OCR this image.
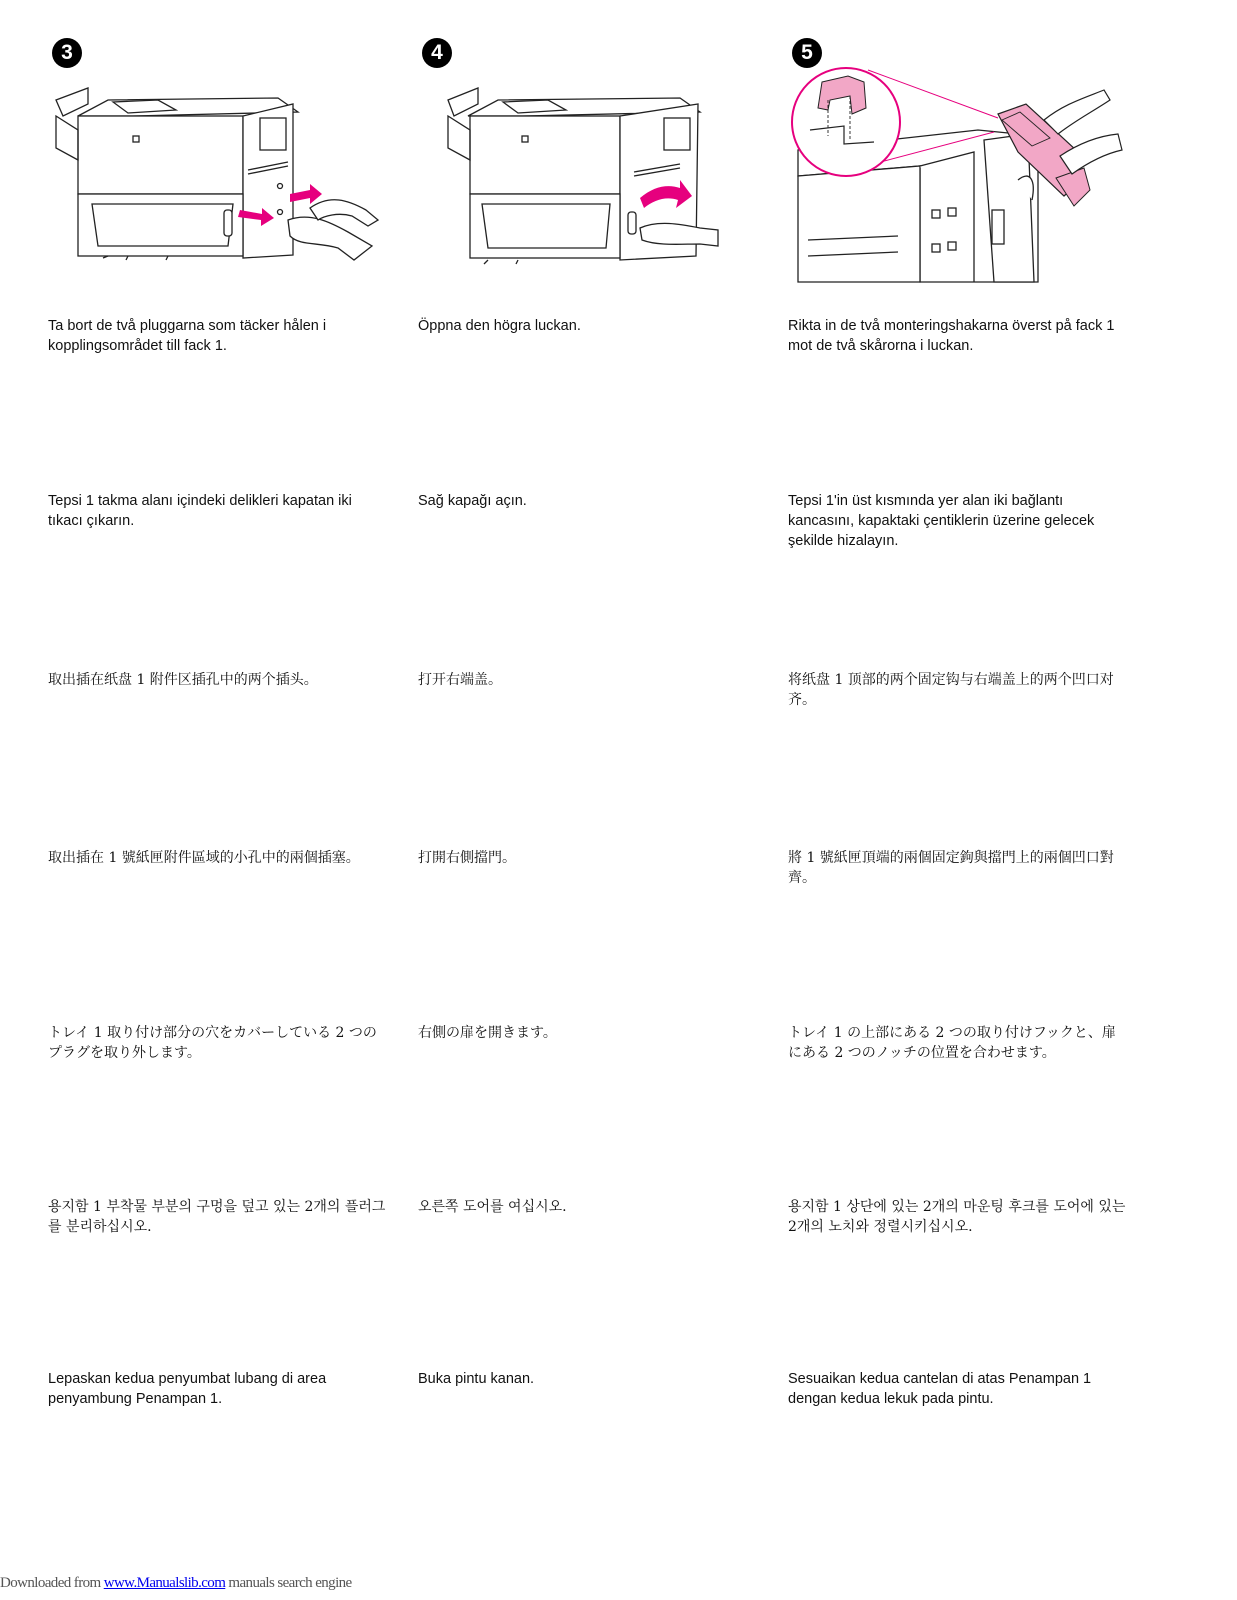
3
Ta bort de två pluggarna som täcker hålen i kopplingsområdet till fack 1.
Tepsi 1 takma alanı içindeki delikleri kapatan iki tıkacı çıkarın.
取出插在纸盘 1 附件区插孔中的两个插头。
取出插在 1 號紙匣附件區域的小孔中的兩個插塞。
トレイ 1 取り付け部分の穴をカバーしている 2 つのプラグを取り外します。
용지함 1 부착물 부분의 구멍을 덮고 있는 2개의 플러그를 분리하십시오.
Lepaskan kedua penyumbat lubang di area penyambung Penampan 1.
4
Öppna den högra luckan.
Sağ kapağı açın.
打开右端盖。
打開右側擋門。
右側の扉を開きます。
오른쪽 도어를 여십시오.
Buka pintu kanan.
5
Rikta in de två monteringshakarna överst på fack 1 mot de två skårorna i luckan.
Tepsi 1'in üst kısmında yer alan iki bağlantı kancasını, kapaktaki çentiklerin üzerine gelecek şekilde hizalayın.
将纸盘 1 顶部的两个固定钩与右端盖上的两个凹口对齐。
將 1 號紙匣頂端的兩個固定鉤與擋門上的兩個凹口對齊。
トレイ 1 の上部にある 2 つの取り付けフックと、扉にある 2 つのノッチの位置を合わせます。
용지함 1 상단에 있는 2개의 마운팅 후크를 도어에 있는 2개의 노치와 정렬시키십시오.
Sesuaikan kedua cantelan di atas Penampan 1 dengan kedua lekuk pada pintu.
Downloaded from www.Manualslib.com manuals search engine
